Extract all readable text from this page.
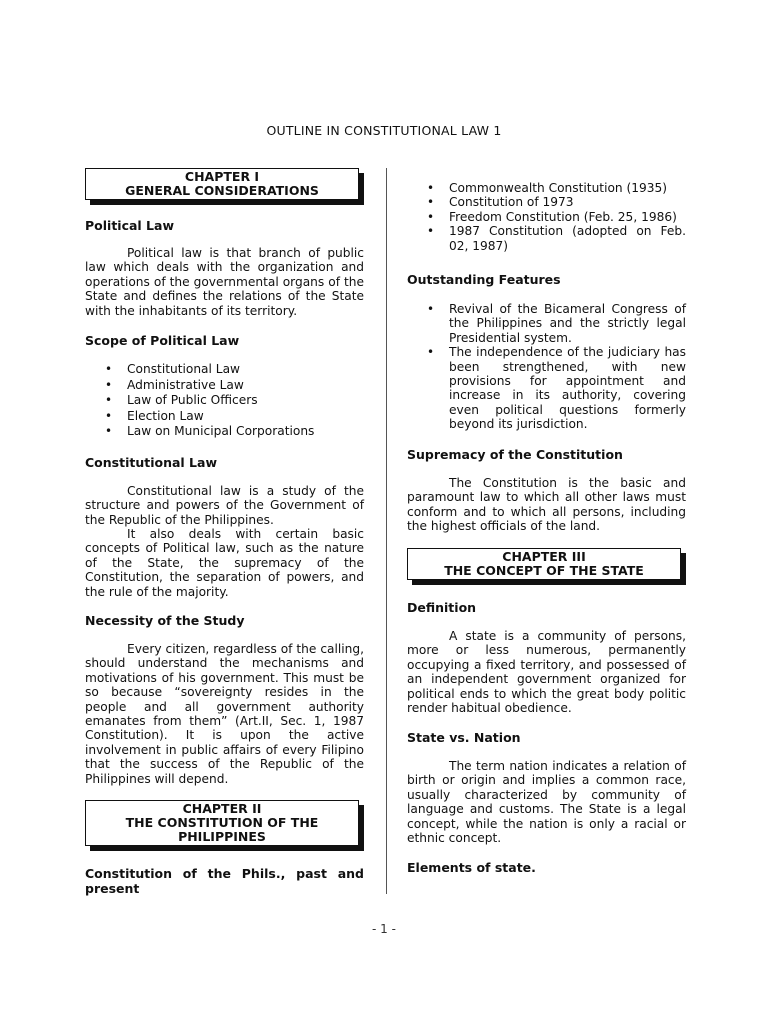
OUTLINE IN CONSTITUTIONAL LAW 1
CHAPTER I
GENERAL CONSIDERATIONS
Political Law

Political law is that branch of public law which deals with the organization and operations of the governmental organs of the State and defines the relations of the State with the inhabitants of its territory.

Scope of Political Law
• Constitutional Law
• Administrative Law
• Law of Public Officers
• Election Law
• Law on Municipal Corporations
Constitutional Law

Constitutional law is a study of the structure and powers of the Government of the Republic of the Philippines.

It also deals with certain basic concepts of Political law, such as the nature of the State, the supremacy of the Constitution, the separation of powers, and the rule of the majority.

Necessity of the Study

Every citizen, regardless of the calling, should understand the mechanisms and motivations of his government. This must be so because “sovereignty resides in the people and all government authority emanates from them” (Art.II, Sec. 1, 1987 Constitution). It is upon the active involvement in public affairs of every Filipino that the success of the Republic of the Philippines will depend.

CHAPTER II
THE CONSTITUTION OF THE
PHILIPPINES
Constitution of the Phils., past and present
• Commonwealth Constitution (1935)
• Constitution of 1973
• Freedom Constitution (Feb. 25, 1986)
• 1987 Constitution (adopted on Feb. 02, 1987)
Outstanding Features
• Revival of the Bicameral Congress of the Philippines and the strictly legal Presidential system.
• The independence of the judiciary has been strengthened, with new provisions for appointment and increase in its authority, covering even political questions formerly beyond its jurisdiction.
Supremacy of the Constitution

The Constitution is the basic and paramount law to which all other laws must conform and to which all persons, including the highest officials of the land.

CHAPTER III
THE CONCEPT OF THE STATE
Definition

A state is a community of persons, more or less numerous, permanently occupying a fixed territory, and possessed of an independent government organized for political ends to which the great body politic render habitual obedience.

State vs. Nation

The term nation indicates a relation of birth or origin and implies a common race, usually characterized by community of language and customs. The State is a legal concept, while the nation is only a racial or ethnic concept.

Elements of state.
- 1 -
